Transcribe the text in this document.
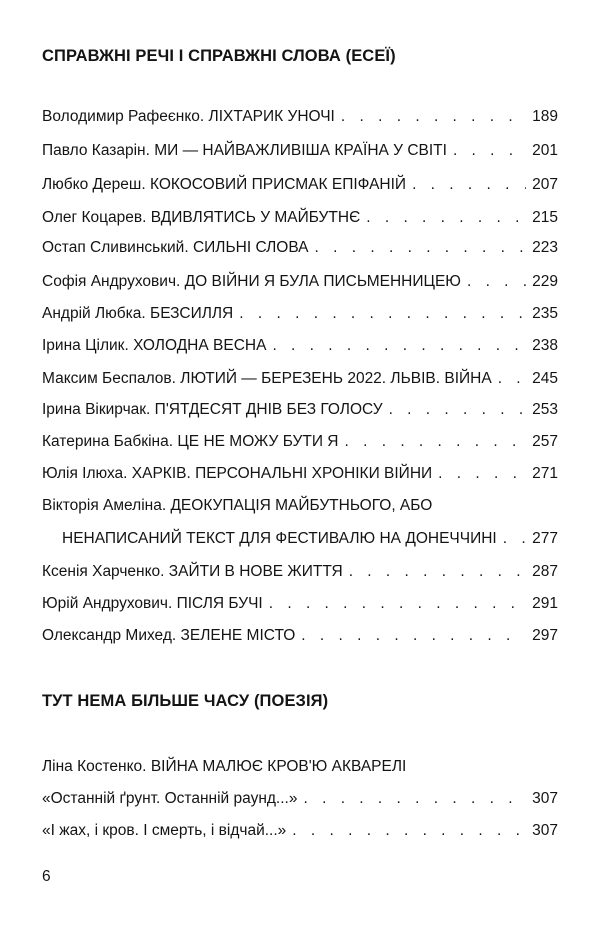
СПРАВЖНІ РЕЧІ І СПРАВЖНІ СЛОВА (ЕСЕЇ)
Володимир Рафеєнко. ЛІХТАРИК УНОЧІ . . .	189
Павло Казарін. МИ — НАЙВАЖЛИВІША КРАЇНА У СВІТІ . . .	201
Любко Дереш. КОКОСОВИЙ ПРИСМАК ЕПІФАНІЙ . . .	207
Олег Коцарев. ВДИВЛЯТИСЬ У МАЙБУТНЄ . . .	215
Остап Сливинський. СИЛЬНІ СЛОВА . . .	223
Софія Андрухович. ДО ВІЙНИ Я БУЛА ПИСЬМЕННИЦЕЮ . . .	229
Андрій Любка. БЕЗСИЛЛЯ . . .	235
Ірина Цілик. ХОЛОДНА ВЕСНА . . .	238
Максим Беспалов. ЛЮТИЙ — БЕРЕЗЕНЬ 2022. ЛЬВІВ. ВІЙНА . . .	245
Ірина Вікирчак. П'ЯТДЕСЯТ ДНІВ БЕЗ ГОЛОСУ . . .	253
Катерина Бабкіна. ЦЕ НЕ МОЖУ БУТИ Я . . .	257
Юлія Ілюха. ХАРКІВ. ПЕРСОНАЛЬНІ ХРОНІКИ ВІЙНИ . . .	271
Вікторія Амеліна. ДЕОКУПАЦІЯ МАЙБУТНЬОГО, АБО
НЕНАПИСАНИЙ ТЕКСТ ДЛЯ ФЕСТИВАЛЮ НА ДОНЕЧЧИНІ . . . 277
Ксенія Харченко. ЗАЙТИ В НОВЕ ЖИТТЯ . . .	287
Юрій Андрухович. ПІСЛЯ БУЧІ . . .	291
Олександр Михед. ЗЕЛЕНЕ МІСТО . . .	297
ТУТ НЕМА БІЛЬШЕ ЧАСУ (ПОЕЗІЯ)
Ліна Костенко. ВІЙНА МАЛЮЄ КРОВ'Ю АКВАРЕЛІ
«Останній ґрунт. Останній раунд...» . . .	307
«І жах, і кров. І смерть, і відчай...» . . .	307
6
